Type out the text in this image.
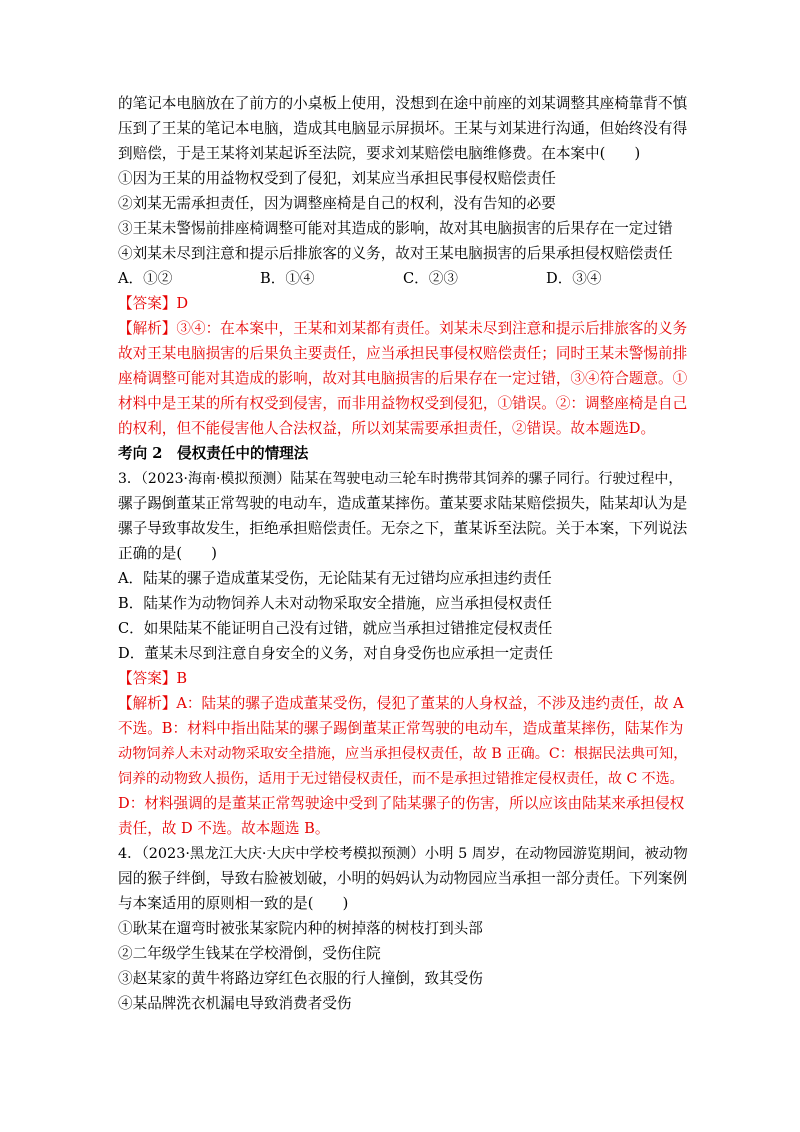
的笔记本电脑放在了前方的小桌板上使用，没想到在途中前座的刘某调整其座椅靠背不慎
压到了王某的笔记本电脑，造成其电脑显示屏损坏。王某与刘某进行沟通，但始终没有得
到赔偿，于是王某将刘某起诉至法院，要求刘某赔偿电脑维修费。在本案中(　　)
①因为王某的用益物权受到了侵犯，刘某应当承担民事侵权赔偿责任
②刘某无需承担责任，因为调整座椅是自己的权利，没有告知的必要
③王某未警惕前排座椅调整可能对其造成的影响，故对其电脑损害的后果存在一定过错
④刘某未尽到注意和提示后排旅客的义务，故对王某电脑损害的后果承担侵权赔偿责任
A．①②	B．①④	C．②③	D．③④
【答案】D
【解析】③④：在本案中，王某和刘某都有责任。刘某未尽到注意和提示后排旅客的义务
故对王某电脑损害的后果负主要责任，应当承担民事侵权赔偿责任；同时王某未警惕前排
座椅调整可能对其造成的影响，故对其电脑损害的后果存在一定过错，③④符合题意。①
材料中是王某的所有权受到侵害，而非用益物权受到侵犯，①错误。②：调整座椅是自己
的权利，但不能侵害他人合法权益，所以刘某需要承担责任，②错误。故本题选D。
考向 2　侵权责任中的情理法
3．（2023·海南·模拟预测）陆某在驾驶电动三轮车时携带其饲养的骡子同行。行驶过程中，
骡子踢倒董某正常驾驶的电动车，造成董某摔伤。董某要求陆某赔偿损失，陆某却认为是
骡子导致事故发生，拒绝承担赔偿责任。无奈之下，董某诉至法院。关于本案，下列说法
正确的是(　　)
A．陆某的骡子造成董某受伤，无论陆某有无过错均应承担违约责任
B．陆某作为动物饲养人未对动物采取安全措施，应当承担侵权责任
C．如果陆某不能证明自己没有过错，就应当承担过错推定侵权责任
D．董某未尽到注意自身安全的义务，对自身受伤也应承担一定责任
【答案】B
【解析】A：陆某的骡子造成董某受伤，侵犯了董某的人身权益，不涉及违约责任，故 A
不选。B：材料中指出陆某的骡子踢倒董某正常驾驶的电动车，造成董某摔伤，陆某作为
动物饲养人未对动物采取安全措施，应当承担侵权责任，故 B 正确。C：根据民法典可知，
饲养的动物致人损伤，适用于无过错侵权责任，而不是承担过错推定侵权责任，故 C 不选。
D：材料强调的是董某正常驾驶途中受到了陆某骡子的伤害，所以应该由陆某来承担侵权
责任，故 D 不选。故本题选 B。
4．（2023·黑龙江大庆·大庆中学校考模拟预测）小明 5 周岁，在动物园游览期间，被动物
园的猴子绊倒，导致右脸被划破，小明的妈妈认为动物园应当承担一部分责任。下列案例
与本案适用的原则相一致的是(　　)
①耿某在遛弯时被张某家院内种的树掉落的树枝打到头部
②二年级学生钱某在学校滑倒，受伤住院
③赵某家的黄牛将路边穿红色衣服的行人撞倒，致其受伤
④某品牌洗衣机漏电导致消费者受伤
